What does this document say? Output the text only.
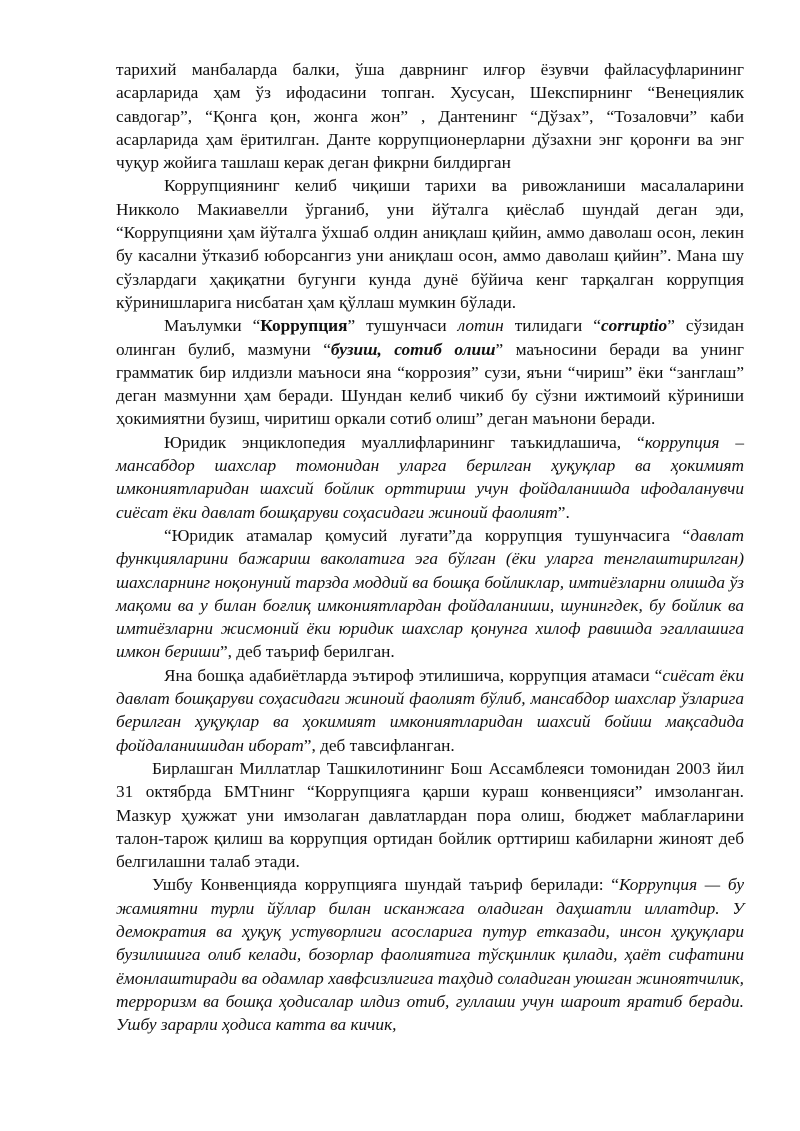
тарихий манбаларда балки, ўша даврнинг илғор ёзувчи файласуфларининг асарларида ҳам ўз ифодасини топган. Хусусан, Шекспирнинг “Венециялик савдогар”, “Қонга қон, жонга жон” , Дантенинг “Дўзах”, “Тозаловчи” каби асарларида ҳам ёритилган. Данте коррупционерларни дўзахни энг қоронғи ва энг чуқур жойига ташлаш керак деган фикрни билдирган

Коррупциянинг келиб чиқиши тарихи ва ривожланиши масалаларини Никколо Макиавелли ўрганиб, уни йўталга қиёслаб шундай деган эди, “Коррупцияни ҳам йўталга ўхшаб олдин аниқлаш қийин, аммо даволаш осон, лекин бу касални ўтказиб юборсангиз уни аниқлаш осон, аммо даволаш қийин”. Мана шу сўзлардаги ҳақиқатни бугунги кунда дунё бўйича кенг тарқалган коррупция кўринишларига нисбатан ҳам қўллаш мумкин бўлади.

Маълумки “Коррупция” тушунчаси лотин тилидаги “corruptio” сўзидан олинган булиб, мазмуни “бузиш, сотиб олиш” маъносини беради ва унинг грамматик бир илдизли маъноси яна “коррозия” сузи, яъни “чириш” ёки “занглаш” деган мазмунни ҳам беради. Шундан келиб чикиб бу сўзни ижтимоий кўриниши ҳокимиятни бузиш, чиритиш оркали сотиб олиш” деган маънони беради.

Юридик энциклопедия муаллифларининг таъкидлашича, “коррупция – мансабдор шахслар томонидан уларга берилган ҳуқуқлар ва ҳокимият имкониятларидан шахсий бойлик орттириш учун фойдаланишда ифодаланувчи сиёсат ёки давлат бошқаруви соҳасидаги жиноий фаолият”.

“Юридик атамалар қомусий луғати”да коррупция тушунчасига “давлат функцияларини бажариш ваколатига эга бўлган (ёки уларга тенглаштирилган) шахсларнинг ноқонуний тарзда моддий ва бошқа бойликлар, имтиёзларни олишда ўз мақоми ва у билан боғлиқ имкониятлардан фойдаланиши, шунингдек, бу бойлик ва имтиёзларни жисмоний ёки юридик шахслар қонунга хилоф равишда эгаллашига имкон бериши”, деб таъриф берилган.

Яна бошқа адабиётларда эътироф этилишича, коррупция атамаси “сиёсат ёки давлат бошқаруви соҳасидаги жиноий фаолият бўлиб, мансабдор шахслар ўзларига берилган ҳуқуқлар ва ҳокимият имкониятларидан шахсий бойиш мақсадида фойдаланишидан иборат”, деб тавсифланган.

Бирлашган Миллатлар Ташкилотининг Бош Ассамблеяси томонидан 2003 йил 31 октябрда БМТнинг “Коррупцияга қарши кураш конвенцияси” имзоланган. Мазкур ҳужжат уни имзолаган давлатлардан пора олиш, бюджет маблағларини талон-тарож қилиш ва коррупция ортидан бойлик орттириш кабиларни жиноят деб белгилашни талаб этади.

Ушбу Конвенцияда коррупцияга шундай таъриф берилади: “Коррупция — бу жамиятни турли йўллар билан исканжага оладиган даҳшатли иллатдир. У демократия ва ҳуқуқ устуворлиги асосларига путур етказади, инсон ҳуқуқлари бузилишига олиб келади, бозорлар фаолиятига тўсқинлик қилади, ҳаёт сифатини ёмонлаштиради ва одамлар хавфсизлигига таҳдид соладиган уюшган жиноятчилик, терроризм ва бошқа ҳодисалар илдиз отиб, гуллаши учун шароит яратиб беради. Ушбу зарарли ҳодиса катта ва кичик,
